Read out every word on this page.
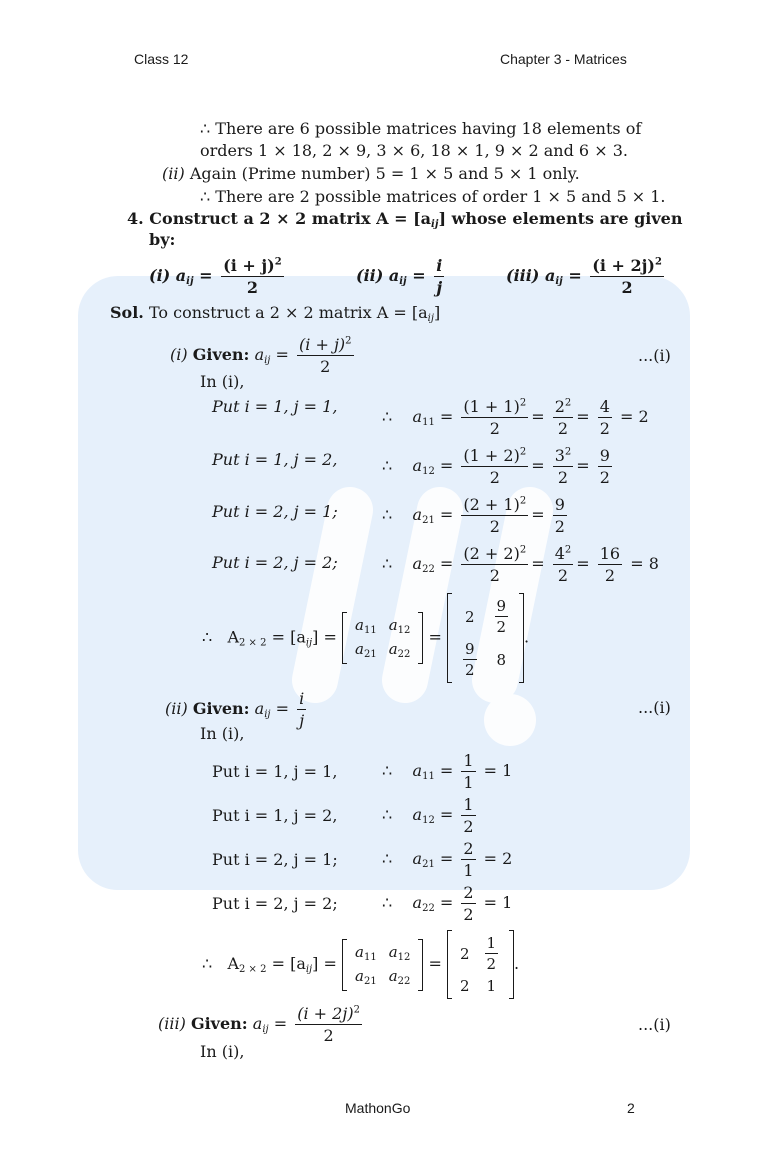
Class 12	Chapter 3 - Matrices
∴ There are 6 possible matrices having 18 elements of
orders 1 × 18, 2 × 9, 3 × 6, 18 × 1, 9 × 2 and 6 × 3.
(ii) Again (Prime number) 5 = 1 × 5 and 5 × 1 only.
∴ There are 2 possible matrices of order 1 × 5 and 5 × 1.
4. Construct a 2 × 2 matrix $A = [a_{ij}]$ whose elements are given
by:
(i) $a_{ij} = \frac{(i + j)^2}{2}$	(ii) $a_{ij} = \frac{i}{j}$	(iii) $a_{ij} = \frac{(i + 2j)^2}{2}$
Sol. To construct a 2 × 2 matrix $A = [a_{ij}]$
(i) Given: $a_{ij} = \frac{(i + j)^2}{2}$	...(i)
In (i),
Put i = 1, j = 1,
∴ $a_{11} = \frac{(1 + 1)^2}{2} = \frac{2^2}{2} = \frac{4}{2} = 2$
Put i = 1, j = 2,	∴ $a_{12} = \frac{(1 + 2)^2}{2} = \frac{3^2}{2} = \frac{9}{2}$
Put i = 2, j = 1;	∴ $a_{21} = \frac{(2 + 1)^2}{2} = \frac{9}{2}$
Put i = 2, j = 2;	∴ $a_{22} = \frac{(2 + 2)^2}{2} = \frac{4^2}{2} = \frac{16}{2} = 8$
∴ $A_{2 \times 2} = [a_{ij}]$ =
$a_{11}$	$a_{12}$
$a_{21}$	$a_{22}$
=
2	$\frac{9}{2}$

$\frac{9}{2}$	8
.
(ii) Given: $a_{ij} = \frac{i}{j}$	...(i)
In (i),
Put i = 1, j = 1,	∴ $a_{11} = \frac{1}{1} = 1$
Put i = 1, j = 2,	∴ $a_{12} = \frac{1}{2}$
Put i = 2, j = 1;	∴ $a_{21} = \frac{2}{1} = 2$
Put i = 2, j = 2;	∴ $a_{22} = \frac{2}{2} = 1$
∴ $A_{2 \times 2} = [a_{ij}]$ =
$a_{11}$	$a_{12}$
$a_{21}$	$a_{22}$
=
2	$\frac{1}{2}$

2	1
.
(iii) Given: $a_{ij} = \frac{(i + 2j)^2}{2}$	...(i)
In (i),
MathonGo	2
